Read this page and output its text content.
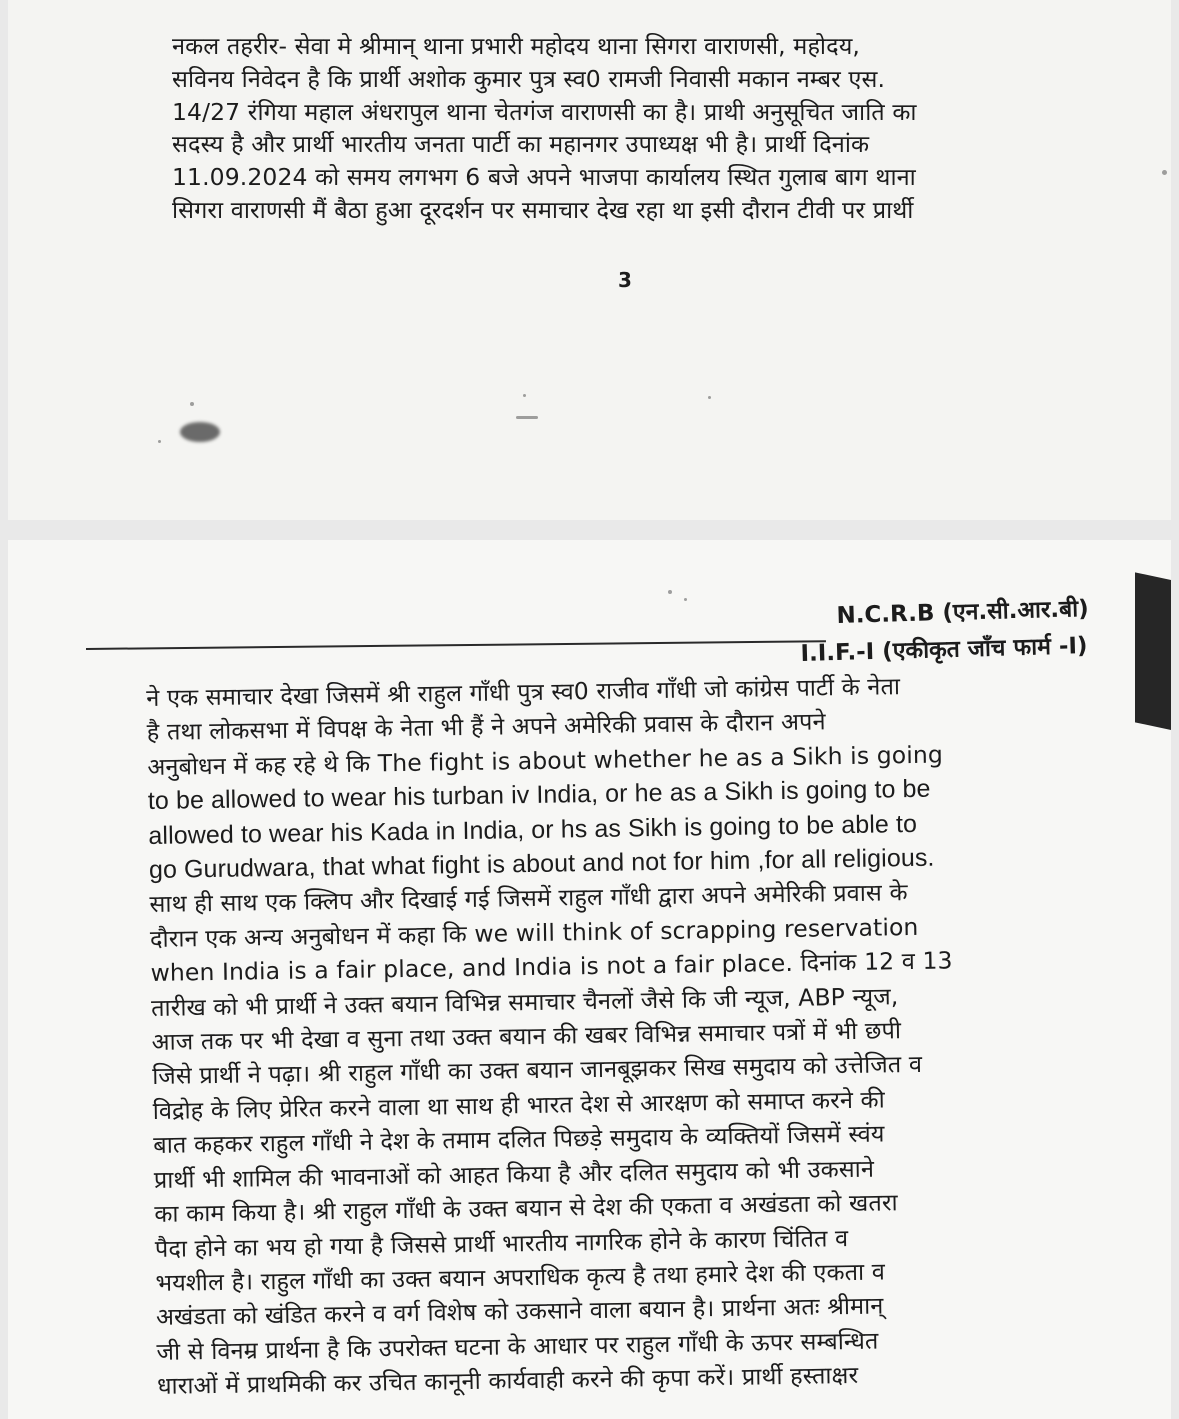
नकल तहरीर- सेवा मे श्रीमान् थाना प्रभारी महोदय थाना सिगरा वाराणसी, महोदय,
सविनय निवेदन है कि प्रार्थी अशोक कुमार पुत्र स्व0 रामजी निवासी मकान नम्बर एस.
14/27 रंगिया महाल अंधरापुल थाना चेतगंज वाराणसी का है। प्राथी अनुसूचित जाति का
सदस्य है और प्रार्थी भारतीय जनता पार्टी का महानगर उपाध्यक्ष भी है। प्रार्थी दिनांक
11.09.2024 को समय लगभग 6 बजे अपने भाजपा कार्यालय स्थित गुलाब बाग थाना
सिगरा वाराणसी मैं बैठा हुआ दूरदर्शन पर समाचार देख रहा था इसी दौरान टीवी पर प्रार्थी
3
N.C.R.B (एन.सी.आर.बी)
I.I.F.-I (एकीकृत जाँच फार्म -I)
ने एक समाचार देखा जिसमें श्री राहुल गाँधी पुत्र स्व0 राजीव गाँधी जो कांग्रेस पार्टी के नेता
है तथा लोकसभा में विपक्ष के नेता भी हैं ने अपने अमेरिकी प्रवास के दौरान अपने
अनुबोधन में कह रहे थे कि The fight is about whether he as a Sikh is going
to be allowed to wear his turban iv India, or he as a Sikh is going to be
allowed to wear his Kada in India, or hs as Sikh is going to be able to
go Gurudwara, that what fight is about and not for him ,for all religious.
साथ ही साथ एक क्लिप और दिखाई गई जिसमें राहुल गाँधी द्वारा अपने अमेरिकी प्रवास के
दौरान एक अन्य अनुबोधन में कहा कि we will think of scrapping reservation
when India is a fair place, and India is not a fair place. दिनांक 12 व 13
तारीख को भी प्रार्थी ने उक्त बयान विभिन्न समाचार चैनलों जैसे कि जी न्यूज, ABP न्यूज,
आज तक पर भी देखा व सुना तथा उक्त बयान की खबर विभिन्न समाचार पत्रों में भी छपी
जिसे प्रार्थी ने पढ़ा। श्री राहुल गाँधी का उक्त बयान जानबूझकर सिख समुदाय को उत्तेजित व
विद्रोह के लिए प्रेरित करने वाला था साथ ही भारत देश से आरक्षण को समाप्त करने की
बात कहकर राहुल गाँधी ने देश के तमाम दलित पिछड़े समुदाय के व्यक्तियों जिसमें स्वंय
प्रार्थी भी शामिल की भावनाओं को आहत किया है और दलित समुदाय को भी उकसाने
का काम किया है। श्री राहुल गाँधी के उक्त बयान से देश की एकता व अखंडता को खतरा
पैदा होने का भय हो गया है जिससे प्रार्थी भारतीय नागरिक होने के कारण चिंतित व
भयशील है। राहुल गाँधी का उक्त बयान अपराधिक कृत्य है तथा हमारे देश की एकता व
अखंडता को खंडित करने व वर्ग विशेष को उकसाने वाला बयान है। प्रार्थना अतः श्रीमान्
जी से विनम्र प्रार्थना है कि उपरोक्त घटना के आधार पर राहुल गाँधी के ऊपर सम्बन्धित
धाराओं में प्राथमिकी कर उचित कानूनी कार्यवाही करने की कृपा करें। प्रार्थी हस्ताक्षर
